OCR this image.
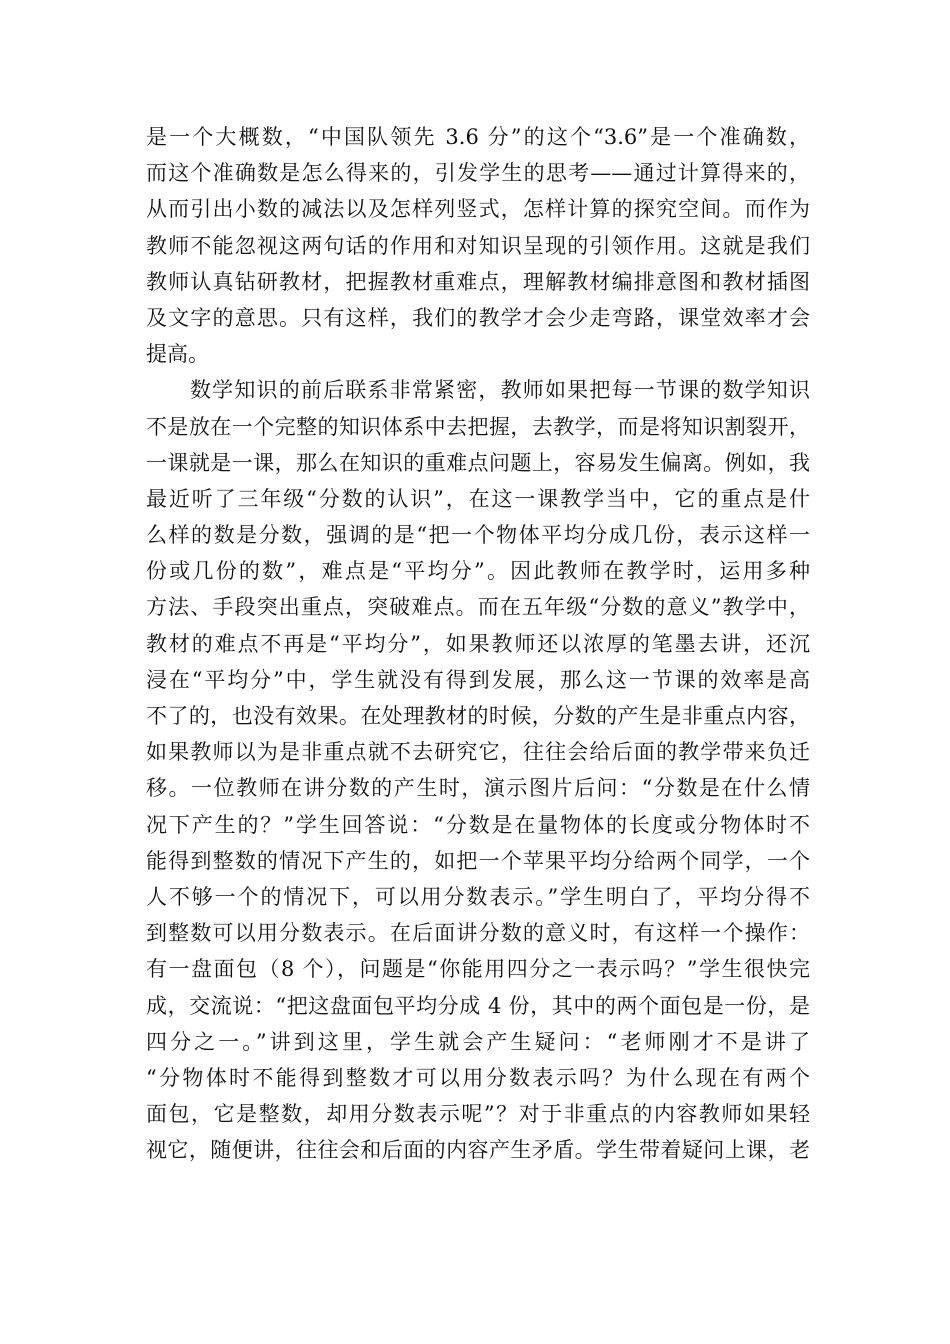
是一个大概数，“中国队领先 3.6 分”的这个“3.6”是一个准确数，
而这个准确数是怎么得来的，引发学生的思考——通过计算得来的，
从而引出小数的减法以及怎样列竖式，怎样计算的探究空间。而作为
教师不能忽视这两句话的作用和对知识呈现的引领作用。这就是我们
教师认真钻研教材，把握教材重难点，理解教材编排意图和教材插图
及文字的意思。只有这样，我们的教学才会少走弯路，课堂效率才会
提高。
数学知识的前后联系非常紧密，教师如果把每一节课的数学知识
不是放在一个完整的知识体系中去把握，去教学，而是将知识割裂开，
一课就是一课，那么在知识的重难点问题上，容易发生偏离。例如，我
最近听了三年级“分数的认识”，在这一课教学当中，它的重点是什
么样的数是分数，强调的是“把一个物体平均分成几份，表示这样一
份或几份的数”，难点是“平均分”。因此教师在教学时，运用多种
方法、手段突出重点，突破难点。而在五年级“分数的意义”教学中，
教材的难点不再是“平均分”，如果教师还以浓厚的笔墨去讲，还沉
浸在“平均分”中，学生就没有得到发展，那么这一节课的效率是高
不了的，也没有效果。在处理教材的时候，分数的产生是非重点内容，
如果教师以为是非重点就不去研究它，往往会给后面的教学带来负迁
移。一位教师在讲分数的产生时，演示图片后问：“分数是在什么情
况下产生的？”学生回答说：“分数是在量物体的长度或分物体时不
能得到整数的情况下产生的，如把一个苹果平均分给两个同学，一个
人不够一个的情况下，可以用分数表示。”学生明白了，平均分得不
到整数可以用分数表示。在后面讲分数的意义时，有这样一个操作：
有一盘面包（8 个），问题是“你能用四分之一表示吗？”学生很快完
成，交流说：“把这盘面包平均分成 4 份，其中的两个面包是一份，是
四分之一。”讲到这里，学生就会产生疑问：“老师刚才不是讲了
“分物体时不能得到整数才可以用分数表示吗？为什么现在有两个
面包，它是整数，却用分数表示呢”？对于非重点的内容教师如果轻
视它，随便讲，往往会和后面的内容产生矛盾。学生带着疑问上课，老
